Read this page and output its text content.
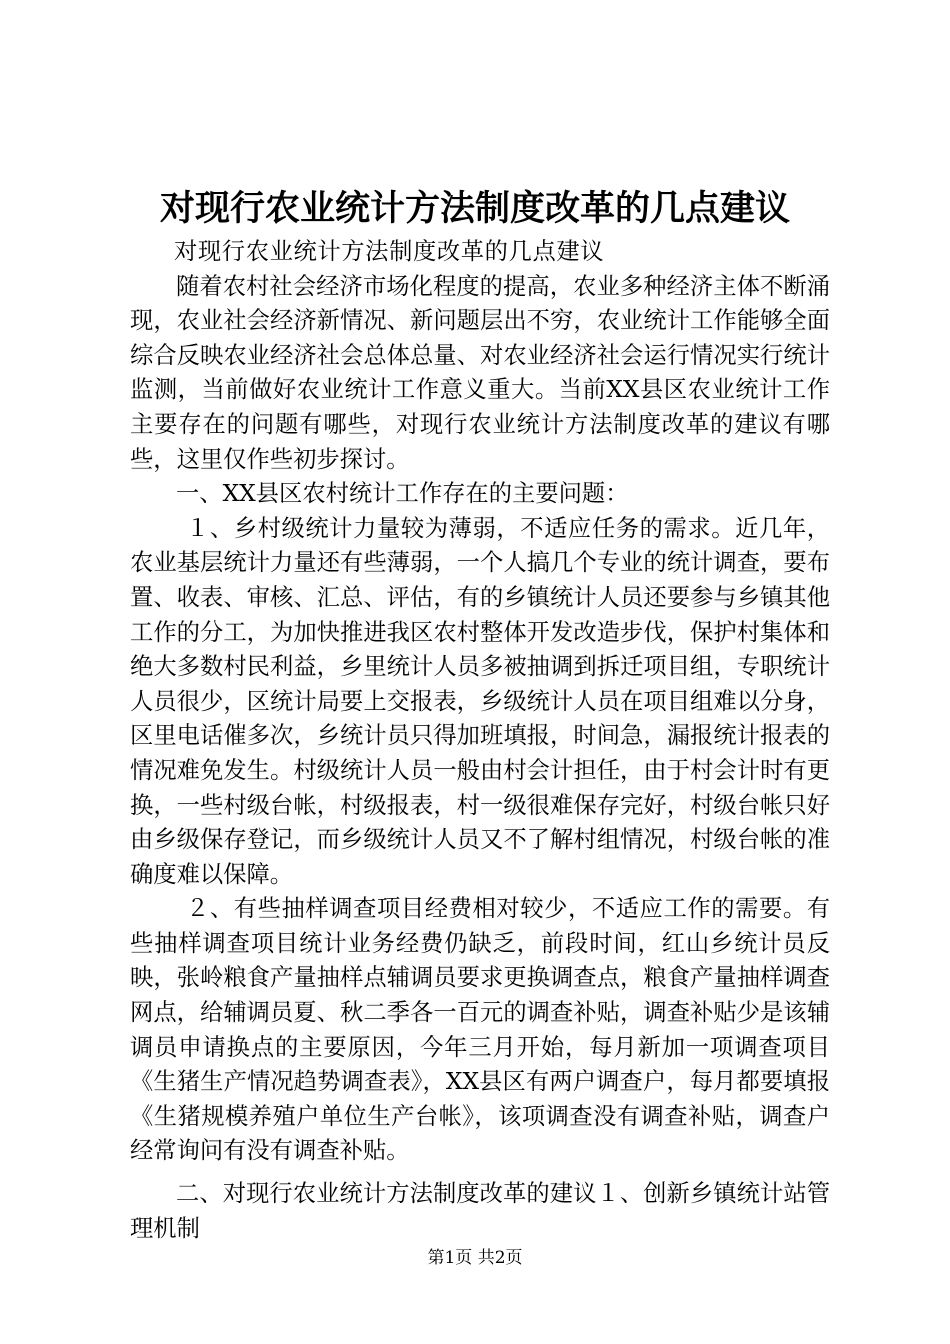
对现行农业统计方法制度改革的几点建议

对现行农业统计方法制度改革的几点建议

随着农村社会经济市场化程度的提高，农业多种经济主体不断涌现，农业社会经济新情况、新问题层出不穷，农业统计工作能够全面综合反映农业经济社会总体总量、对农业经济社会运行情况实行统计监测，当前做好农业统计工作意义重大。当前XX县区农业统计工作主要存在的问题有哪些，对现行农业统计方法制度改革的建议有哪些，这里仅作些初步探讨。

一、XX县区农村统计工作存在的主要问题：

１、乡村级统计力量较为薄弱，不适应任务的需求。近几年，农业基层统计力量还有些薄弱，一个人搞几个专业的统计调查，要布置、收表、审核、汇总、评估，有的乡镇统计人员还要参与乡镇其他工作的分工，为加快推进我区农村整体开发改造步伐，保护村集体和绝大多数村民利益，乡里统计人员多被抽调到拆迁项目组，专职统计人员很少，区统计局要上交报表，乡级统计人员在项目组难以分身，区里电话催多次，乡统计员只得加班填报，时间急，漏报统计报表的情况难免发生。村级统计人员一般由村会计担任，由于村会计时有更换，一些村级台帐，村级报表，村一级很难保存完好，村级台帐只好由乡级保存登记，而乡级统计人员又不了解村组情况，村级台帐的准确度难以保障。

２、有些抽样调查项目经费相对较少，不适应工作的需要。有些抽样调查项目统计业务经费仍缺乏，前段时间，红山乡统计员反映，张岭粮食产量抽样点辅调员要求更换调查点，粮食产量抽样调查网点，给辅调员夏、秋二季各一百元的调查补贴，调查补贴少是该辅调员申请换点的主要原因，今年三月开始，每月新加一项调查项目《生猪生产情况趋势调查表》，XX县区有两户调查户，每月都要填报《生猪规模养殖户单位生产台帐》，该项调查没有调查补贴，调查户经常询问有没有调查补贴。

二、对现行农业统计方法制度改革的建议１、创新乡镇统计站管理机制

第1页 共2页
